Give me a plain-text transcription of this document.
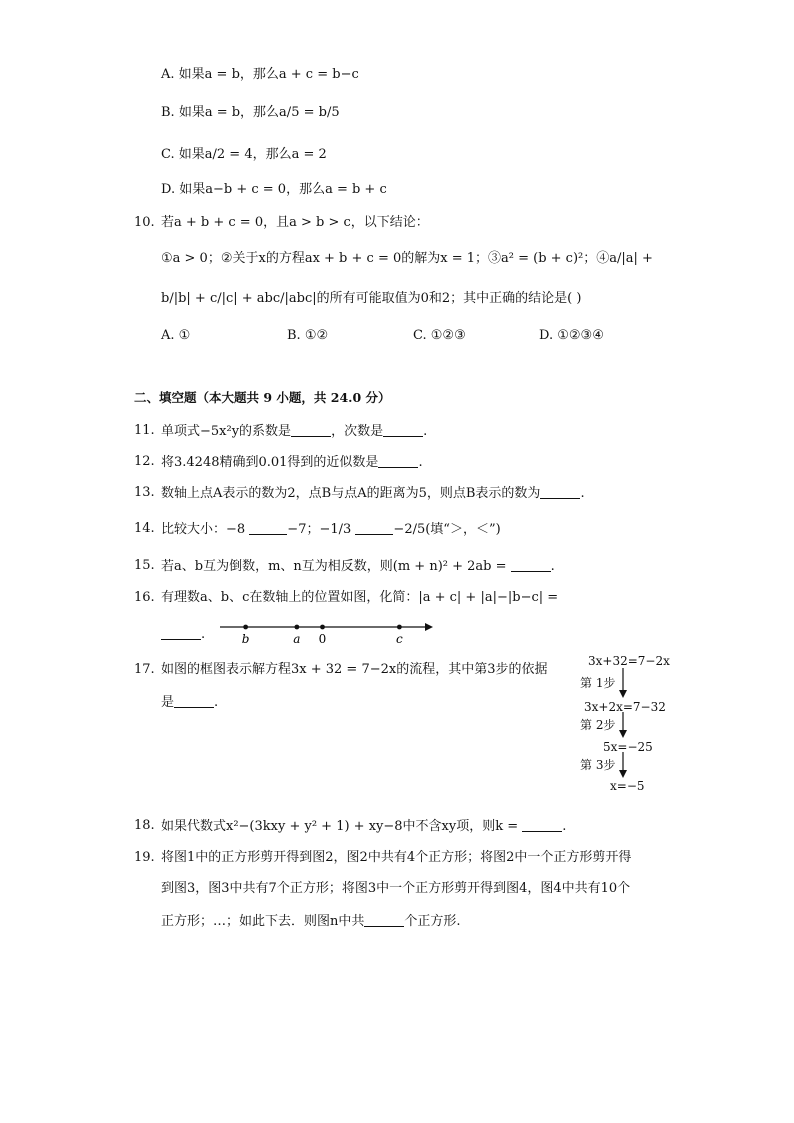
A. 如果a = b，那么a + c = b−c
B. 如果a = b，那么a/5 = b/5
C. 如果a/2 = 4，那么a = 2
D. 如果a−b + c = 0，那么a = b + c
10. 若a + b + c = 0，且a > b > c，以下结论：
①a > 0；②关于x的方程ax + b + c = 0的解为x = 1；③a² = (b + c)²；④a/|a| +
b/|b| + c/|c| + abc/|abc|的所有可能取值为0和2；其中正确的结论是( )
A. ①	B. ①②	C. ①②③	D. ①②③④
二、填空题（本大题共 9 小题，共 24.0 分）
11. 单项式−5x²y的系数是	，次数是	.
12. 将3.4248精确到0.01得到的近似数是	.
13. 数轴上点A表示的数为2，点B与点A的距离为5，则点B表示的数为	.
14. 比较大小：−8	−7；−1/3	−2/5(填“＞，＜”)
15. 若a、b互为倒数，m、n互为相反数，则(m + n)² + 2ab =	.
16. 有理数a、b、c在数轴上的位置如图，化简：|a + c| + |a|−|b−c| =
.	b	a 0	c
17. 如图的框图表示解方程3x + 32 = 7−2x的流程，其中第3步的依据
是	.
3x+32=7−2x
第 1步
3x+2x=7−32
第 2步
5x=−25
第 3步
x=−5
18. 如果代数式x²−(3kxy + y² + 1) + xy−8中不含xy项，则k =	.
19. 将图1中的正方形剪开得到图2，图2中共有4个正方形；将图2中一个正方形剪开得
到图3，图3中共有7个正方形；将图3中一个正方形剪开得到图4，图4中共有10个
正方形；…；如此下去．则图n中共	个正方形.
